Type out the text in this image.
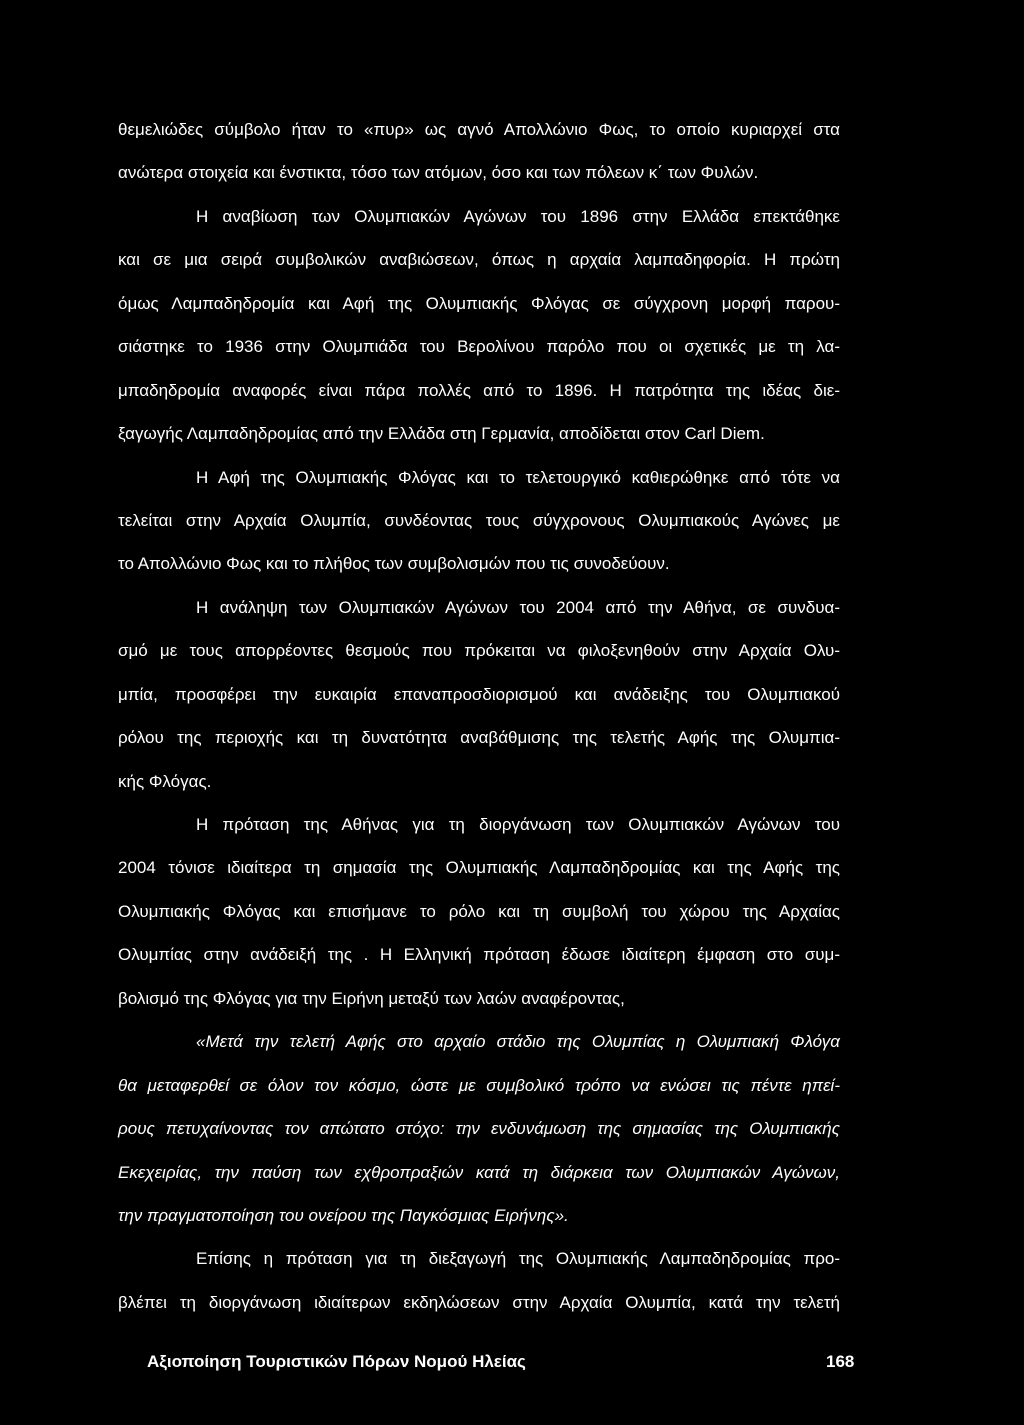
θεμελιώδες σύμβολο ήταν το «πυρ» ως αγνό Απολλώνιο Φως, το οποίο κυριαρχεί στα
ανώτερα στοιχεία και ένστικτα, τόσο των ατόμων, όσο και των πόλεων κ΄ των Φυλών.
Η αναβίωση των Ολυμπιακών Αγώνων του 1896 στην Ελλάδα επεκτάθηκε
και σε μια σειρά συμβολικών αναβιώσεων, όπως η αρχαία λαμπαδηφορία. Η πρώτη
όμως Λαμπαδηδρομία και Αφή της Ολυμπιακής Φλόγας σε σύγχρονη μορφή παρου-
σιάστηκε το 1936 στην Ολυμπιάδα του Βερολίνου παρόλο που οι σχετικές με τη λα-
μπαδηδρομία αναφορές είναι πάρα πολλές από το 1896. Η πατρότητα της ιδέας διε-
ξαγωγής Λαμπαδηδρομίας από την Ελλάδα στη Γερμανία, αποδίδεται στον Carl Diem.
Η Αφή της Ολυμπιακής Φλόγας και το τελετουργικό καθιερώθηκε από τότε να
τελείται στην Αρχαία Ολυμπία, συνδέοντας τους σύγχρονους Ολυμπιακούς Αγώνες με
το Απολλώνιο Φως και το πλήθος των συμβολισμών που τις συνοδεύουν.
Η ανάληψη των Ολυμπιακών Αγώνων του 2004 από την Αθήνα, σε συνδυα-
σμό με τους απορρέοντες θεσμούς που πρόκειται να φιλοξενηθούν στην Αρχαία Ολυ-
μπία, προσφέρει την ευκαιρία επαναπροσδιορισμού και ανάδειξης του Ολυμπιακού
ρόλου της περιοχής και τη δυνατότητα αναβάθμισης της τελετής Αφής της Ολυμπια-
κής Φλόγας.
Η πρόταση της Αθήνας για τη διοργάνωση των Ολυμπιακών Αγώνων του
2004 τόνισε ιδιαίτερα τη σημασία της Ολυμπιακής Λαμπαδηδρομίας και της Αφής της
Ολυμπιακής Φλόγας και επισήμανε το ρόλο και τη συμβολή του χώρου της Αρχαίας
Ολυμπίας στην ανάδειξή της . Η Ελληνική πρόταση έδωσε ιδιαίτερη έμφαση στο συμ-
βολισμό της Φλόγας για την Ειρήνη μεταξύ των λαών αναφέροντας,
«Μετά την τελετή Αφής στο αρχαίο στάδιο της Ολυμπίας η Ολυμπιακή Φλόγα
θα μεταφερθεί σε όλον τον κόσμο, ώστε με συμβολικό τρόπο να ενώσει τις πέντε ηπεί-
ρους πετυχαίνοντας τον απώτατο στόχο: την ενδυνάμωση της σημασίας της Ολυμπιακής
Εκεχειρίας, την παύση των εχθροπραξιών κατά τη διάρκεια των Ολυμπιακών Αγώνων,
την πραγματοποίηση του ονείρου της Παγκόσμιας Ειρήνης».
Επίσης η πρόταση για τη διεξαγωγή της Ολυμπιακής Λαμπαδηδρομίας προ-
βλέπει τη διοργάνωση ιδιαίτερων εκδηλώσεων στην Αρχαία Ολυμπία, κατά την τελετή
Αξιοποίηση Τουριστικών Πόρων Νομού Ηλείας	168
